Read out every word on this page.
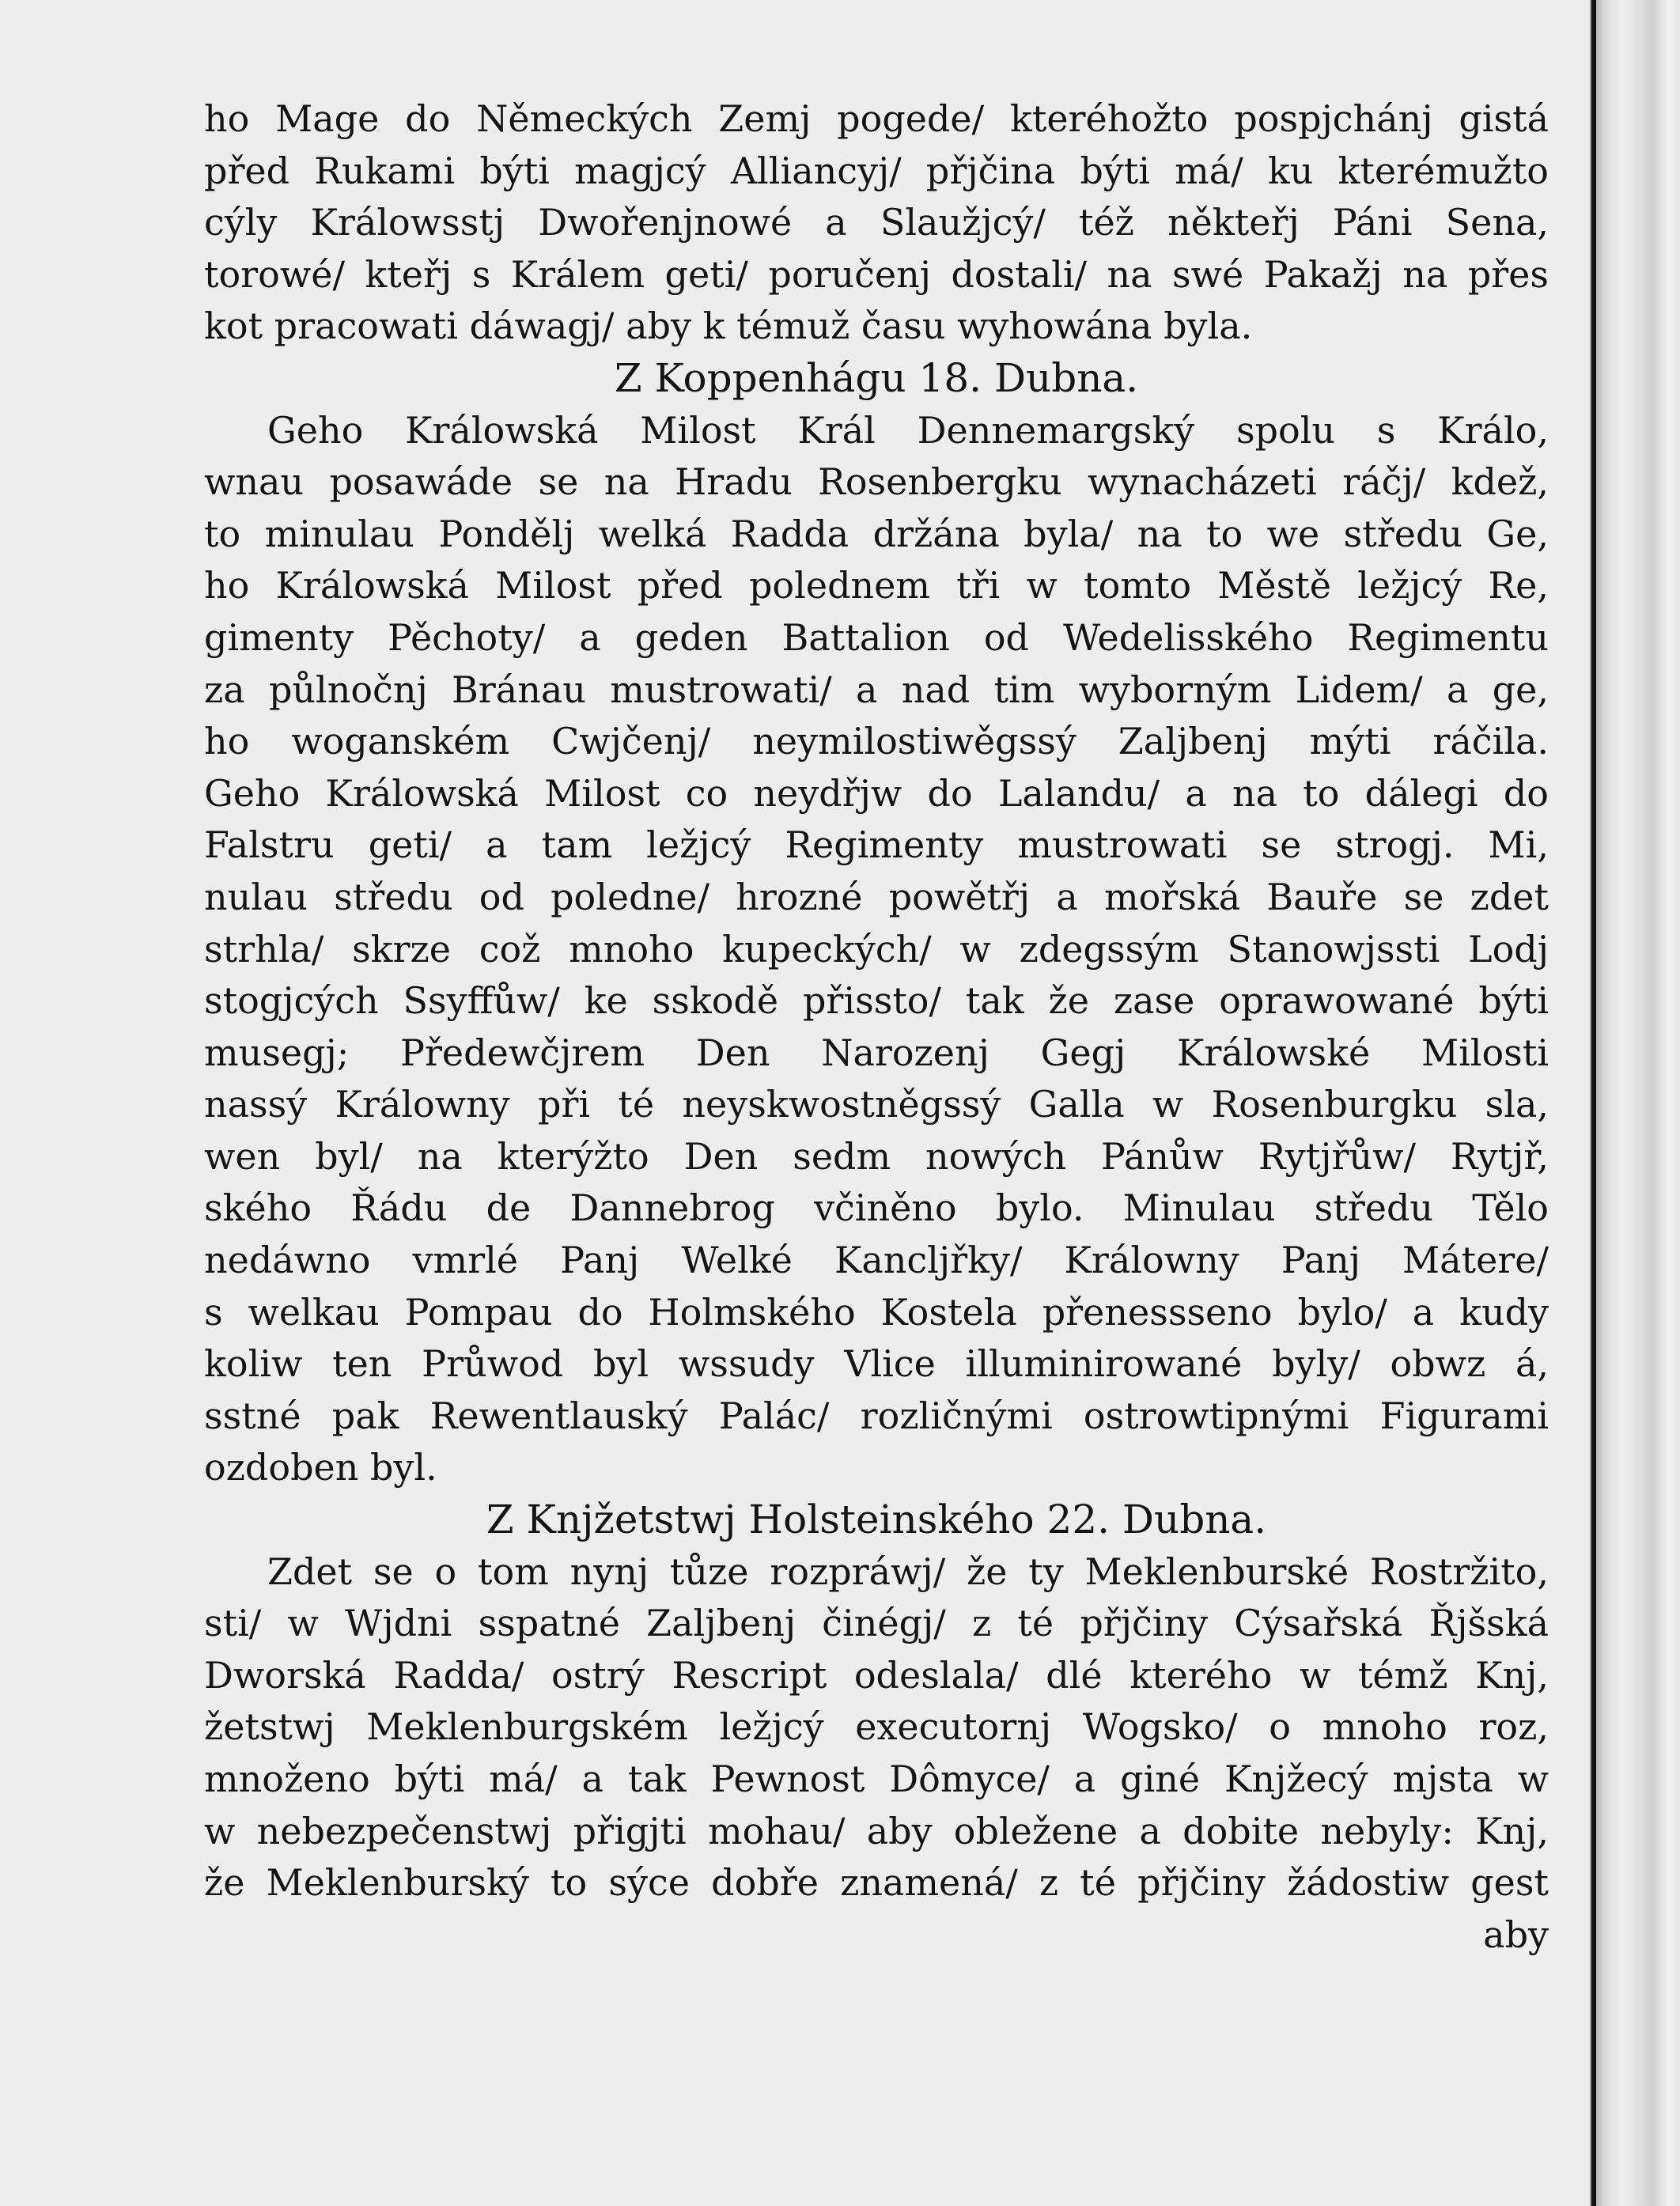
ho Mage do Německých Zemj pogede/ kteréhožto pospjchánj gistá
před Rukami býti magjcý Alliancyj/ přjčina býti má/ ku kterémužto
cýly Králowsstj Dwořenjnowé a Slaužjcý/ též někteřj Páni Sena,
torowé/ kteřj s Králem geti/ poručenj dostali/ na swé Pakažj na přes
kot pracowati dáwagj/ aby k témuž času wyhowána byla.
Z Koppenhágu 18. Dubna.
Geho Králowská Milost Král Dennemargský spolu s Králo,
wnau posawáde se na Hradu Rosenbergku wynacházeti ráčj/ kdež,
to minulau Pondělj welká Radda držána byla/ na to we středu Ge,
ho Králowská Milost před polednem tři w tomto Městě ležjcý Re,
gimenty Pěchoty/ a geden Battalion od Wedelisského Regimentu
za půlnočnj Bránau mustrowati/ a nad tim wyborným Lidem/ a ge,
ho woganském Cwjčenj/ neymilostiwěgssý Zaljbenj mýti ráčila.
Geho Králowská Milost co neydřjw do Lalandu/ a na to dálegi do
Falstru geti/ a tam ležjcý Regimenty mustrowati se strogj. Mi,
nulau středu od poledne/ hrozné powětřj a mořská Bauře se zdet
strhla/ skrze což mnoho kupeckých/ w zdegssým Stanowjssti Lodj
stogjcých Ssyffůw/ ke sskodě přissto/ tak že zase oprawowané býti
musegj; Předewčjrem Den Narozenj Gegj Králowské Milosti
nassý Králowny při té neyskwostněgssý Galla w Rosenburgku sla,
wen byl/ na kterýžto Den sedm nowých Pánůw Rytjřůw/ Rytjř,
ského Řádu de Dannebrog včiněno bylo. Minulau středu Tělo
nedáwno vmrlé Panj Welké Kancljřky/ Králowny Panj Mátere/
s welkau Pompau do Holmského Kostela přenessseno bylo/ a kudy
koliw ten Průwod byl wssudy Vlice illuminirowané byly/ obwz á,
sstné pak Rewentlauský Palác/ rozličnými ostrowtipnými Figurami
ozdoben byl.
Z Knjžetstwj Holsteinského 22. Dubna.
Zdet se o tom nynj tůze rozpráwj/ že ty Meklenburské Rostržito,
sti/ w Wjdni sspatné Zaljbenj činégj/ z té přjčiny Cýsařská Řjšská
Dworská Radda/ ostrý Rescript odeslala/ dlé kterého w témž Knj,
žetstwj Meklenburgském ležjcý executornj Wogsko/ o mnoho roz,
množeno býti má/ a tak Pewnost Dômyce/ a giné Knjžecý mjsta w
w nebezpečenstwj přigjti mohau/ aby obležene a dobite nebyly: Knj,
že Meklenburský to sýce dobře znamená/ z té přjčiny žádostiw gest
aby
